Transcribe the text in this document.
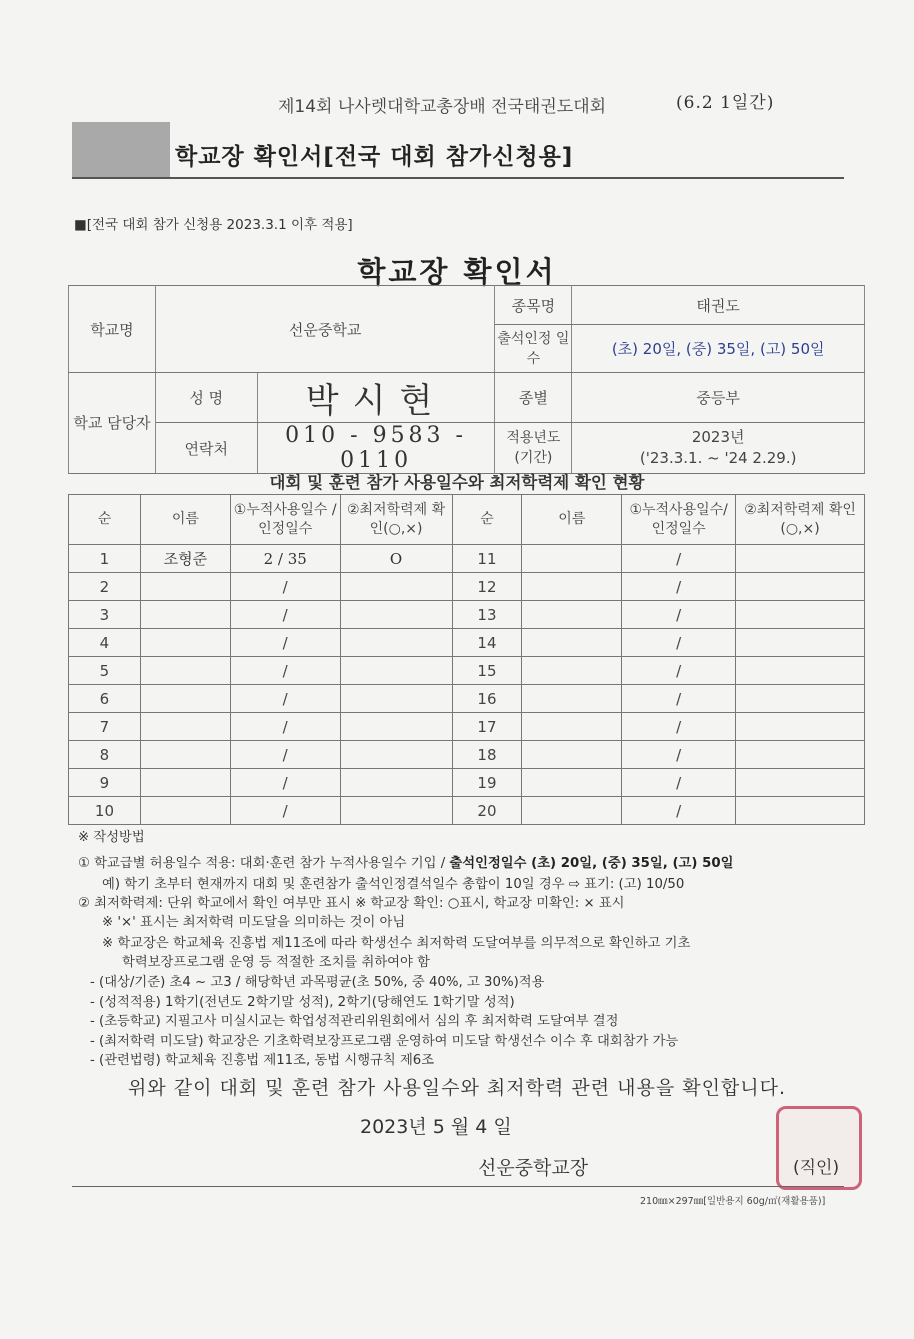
제14회 나사렛대학교총장배 전국태권도대회	(6.2 1일간)
학교장 확인서[전국 대회 참가신청용]
■[전국 대회 참가 신청용 2023.3.1 이후 적용]
학교장 확인서
학교명	선운중학교		종목명	태권도
			출석인정 일수	(초) 20일, (중) 35일, (고) 50일
학교 담당자	성 명	박시현	종별	중등부
	연락처	010 - 9583 - 0110	적용년도 (기간)	2023년
('23.3.1. ~ '24 2.29.)
대회 및 훈련 참가 사용일수와 최저학력제 확인 현황
순	이름	①누적사용일수 /인정일수	②최저학력제 확인(○,×)	순	이름	①누적사용일수/ 인정일수	②최저학력제 확인(○,×)
1	조형준	2 / 35	O	11		/	
2		/		12		/	
3		/		13		/	
4		/		14		/	
5		/		15		/	
6		/		16		/	
7		/		17		/	
8		/		18		/	
9		/		19		/	
10		/		20		/	
※ 작성방법
① 학교급별 허용일수 적용: 대회·훈련 참가 누적사용일수 기입 / 출석인정일수 (초) 20일, (중) 35일, (고) 50일
예) 학기 초부터 현재까지 대회 및 훈련참가 출석인정결석일수 총합이 10일 경우 ⇨ 표기: (고) 10/50
② 최저학력제: 단위 학교에서 확인 여부만 표시 ※ 학교장 확인: ○표시, 학교장 미확인: × 표시
※ '×' 표시는 최저학력 미도달을 의미하는 것이 아님
※ 학교장은 학교체육 진흥법 제11조에 따라 학생선수 최저학력 도달여부를 의무적으로 확인하고 기초
학력보장프로그램 운영 등 적절한 조치를 취하여야 함
- (대상/기준) 초4 ~ 고3 / 해당학년 과목평균(초 50%, 중 40%, 고 30%)적용
- (성적적용) 1학기(전년도 2학기말 성적), 2학기(당해연도 1학기말 성적)
- (초등학교) 지필고사 미실시교는 학업성적관리위원회에서 심의 후 최저학력 도달여부 결정
- (최저학력 미도달) 학교장은 기초학력보장프로그램 운영하여 미도달 학생선수 이수 후 대회참가 가능
- (관련법령) 학교체육 진흥법 제11조, 동법 시행규칙 제6조
위와 같이 대회 및 훈련 참가 사용일수와 최저학력 관련 내용을 확인합니다.
2023년 5 월 4 일
선운중학교장	(직인)
210㎜×297㎜[일반용지 60g/㎡(재활용품)]
